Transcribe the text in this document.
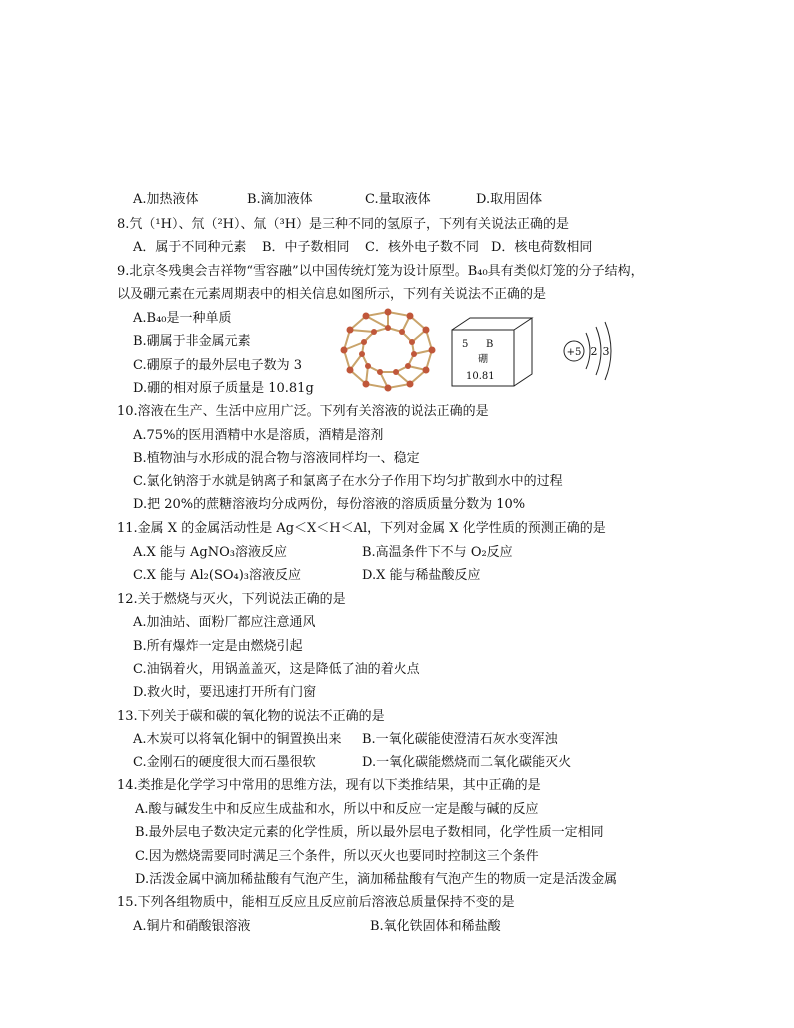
A.加热液体	B.滴加液体	C.量取液体	D.取用固体
8.氕（¹H）、氘（²H）、氚（³H）是三种不同的氢原子，下列有关说法正确的是
A．属于不同种元素 B．中子数相同 C．核外电子数不同 D．核电荷数相同
9.北京冬残奥会吉祥物“雪容融”以中国传统灯笼为设计原型。B₄₀具有类似灯笼的分子结构，
以及硼元素在元素周期表中的相关信息如图所示，下列有关说法不正确的是
A.B₄₀是一种单质
B.硼属于非金属元素
C.硼原子的最外层电子数为 3
D.硼的相对原子质量是 10.81g
5 B
硼
10.81
+5 2 3
10.溶液在生产、生活中应用广泛。下列有关溶液的说法正确的是
A.75%的医用酒精中水是溶质，酒精是溶剂
B.植物油与水形成的混合物与溶液同样均一、稳定
C.氯化钠溶于水就是钠离子和氯离子在水分子作用下均匀扩散到水中的过程
D.把 20%的蔗糖溶液均分成两份，每份溶液的溶质质量分数为 10%
11.金属 X 的金属活动性是 Ag＜X＜H＜Al，下列对金属 X 化学性质的预测正确的是
A.X 能与 AgNO₃溶液反应	B.高温条件下不与 O₂反应
C.X 能与 Al₂(SO₄)₃溶液反应	D.X 能与稀盐酸反应
12.关于燃烧与灭火，下列说法正确的是
A.加油站、面粉厂都应注意通风
B.所有爆炸一定是由燃烧引起
C.油锅着火，用锅盖盖灭，这是降低了油的着火点
D.救火时，要迅速打开所有门窗
13.下列关于碳和碳的氧化物的说法不正确的是
A.木炭可以将氧化铜中的铜置换出来 B.一氧化碳能使澄清石灰水变浑浊
C.金刚石的硬度很大而石墨很软	D.一氧化碳能燃烧而二氧化碳能灭火
14.类推是化学学习中常用的思维方法，现有以下类推结果，其中正确的是
A.酸与碱发生中和反应生成盐和水，所以中和反应一定是酸与碱的反应
B.最外层电子数决定元素的化学性质，所以最外层电子数相同，化学性质一定相同
C.因为燃烧需要同时满足三个条件，所以灭火也要同时控制这三个条件
D.活泼金属中滴加稀盐酸有气泡产生，滴加稀盐酸有气泡产生的物质一定是活泼金属
15.下列各组物质中，能相互反应且反应前后溶液总质量保持不变的是
A.铜片和硝酸银溶液	B.氧化铁固体和稀盐酸
